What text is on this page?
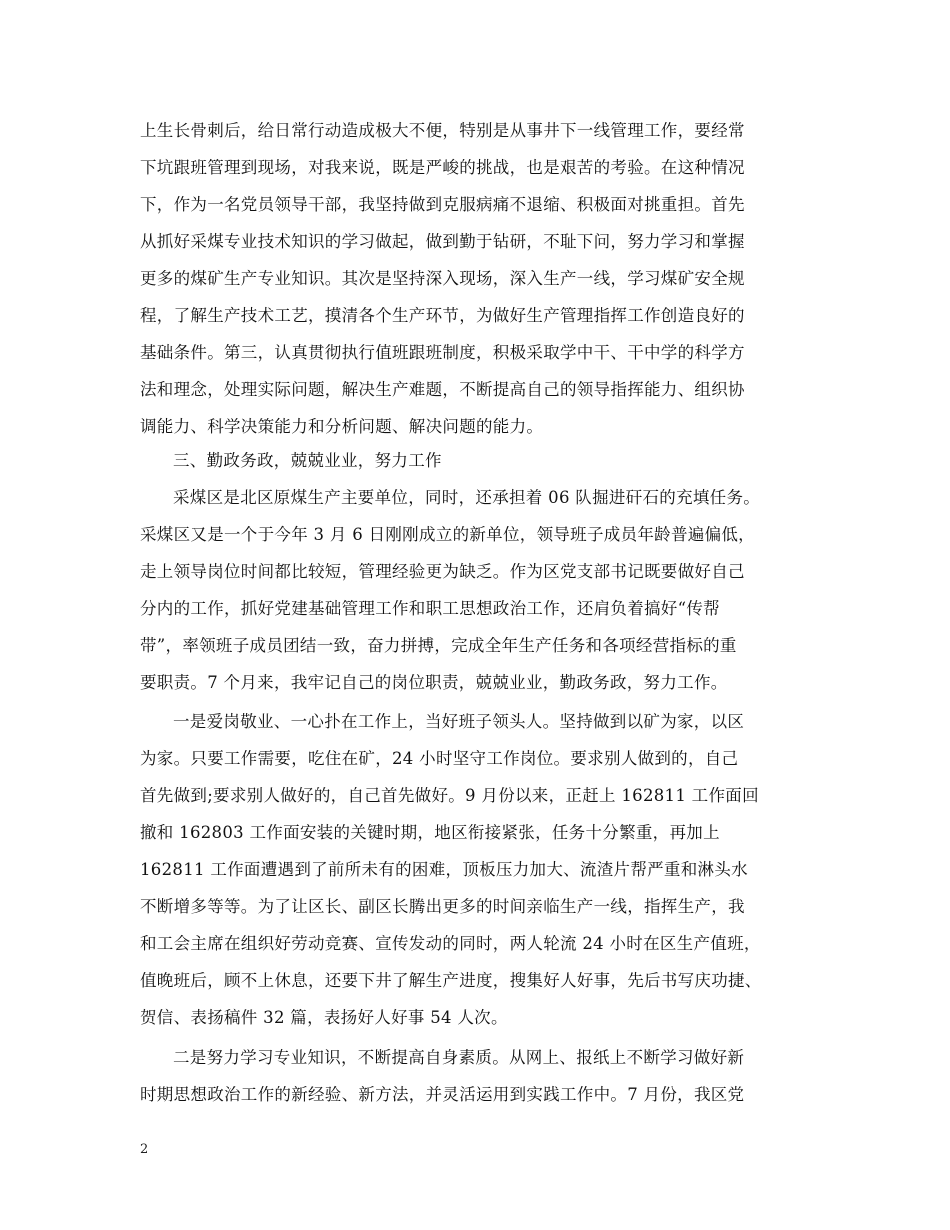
上生长骨刺后，给日常行动造成极大不便，特别是从事井下一线管理工作，要经常
下坑跟班管理到现场，对我来说，既是严峻的挑战，也是艰苦的考验。在这种情况
下，作为一名党员领导干部，我坚持做到克服病痛不退缩、积极面对挑重担。首先
从抓好采煤专业技术知识的学习做起，做到勤于钻研，不耻下问，努力学习和掌握
更多的煤矿生产专业知识。其次是坚持深入现场，深入生产一线，学习煤矿安全规
程，了解生产技术工艺，摸清各个生产环节，为做好生产管理指挥工作创造良好的
基础条件。第三，认真贯彻执行值班跟班制度，积极采取学中干、干中学的科学方
法和理念，处理实际问题，解决生产难题，不断提高自己的领导指挥能力、组织协
调能力、科学决策能力和分析问题、解决问题的能力。
三、勤政务政，兢兢业业，努力工作
采煤区是北区原煤生产主要单位，同时，还承担着 06 队掘进矸石的充填任务。
采煤区又是一个于今年 3 月 6 日刚刚成立的新单位，领导班子成员年龄普遍偏低，
走上领导岗位时间都比较短，管理经验更为缺乏。作为区党支部书记既要做好自己
分内的工作，抓好党建基础管理工作和职工思想政治工作，还肩负着搞好“传帮
带”，率领班子成员团结一致，奋力拼搏，完成全年生产任务和各项经营指标的重
要职责。7 个月来，我牢记自己的岗位职责，兢兢业业，勤政务政，努力工作。
一是爱岗敬业、一心扑在工作上，当好班子领头人。坚持做到以矿为家，以区
为家。只要工作需要，吃住在矿，24 小时坚守工作岗位。要求别人做到的，自己
首先做到;要求别人做好的，自己首先做好。9 月份以来，正赶上 162811 工作面回
撤和 162803 工作面安装的关键时期，地区衔接紧张，任务十分繁重，再加上
162811 工作面遭遇到了前所未有的困难，顶板压力加大、流渣片帮严重和淋头水
不断增多等等。为了让区长、副区长腾出更多的时间亲临生产一线，指挥生产，我
和工会主席在组织好劳动竞赛、宣传发动的同时，两人轮流 24 小时在区生产值班，
值晚班后，顾不上休息，还要下井了解生产进度，搜集好人好事，先后书写庆功捷、
贺信、表扬稿件 32 篇，表扬好人好事 54 人次。
二是努力学习专业知识，不断提高自身素质。从网上、报纸上不断学习做好新
时期思想政治工作的新经验、新方法，并灵活运用到实践工作中。7 月份，我区党
2
